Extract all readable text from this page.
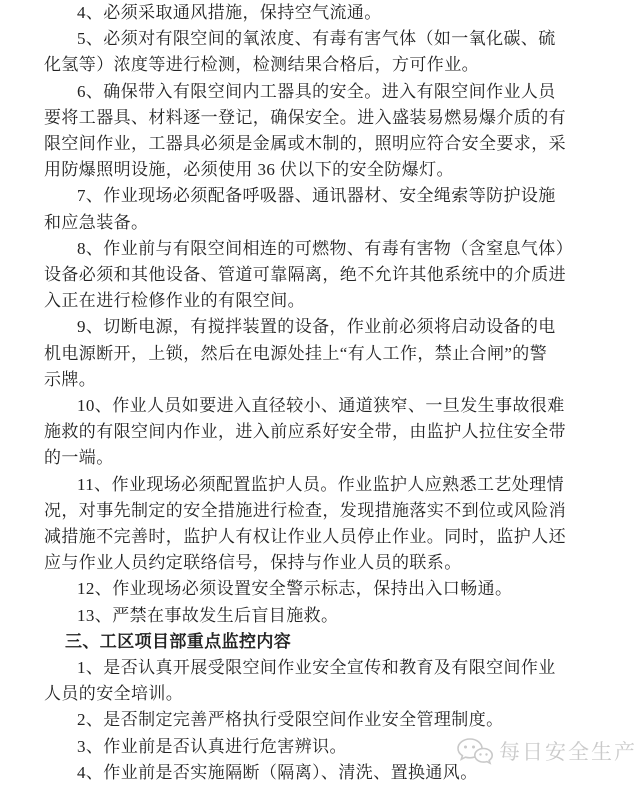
4、必须采取通风措施，保持空气流通。
5、必须对有限空间的氧浓度、有毒有害气体（如一氧化碳、硫
化氢等）浓度等进行检测，检测结果合格后，方可作业。
6、确保带入有限空间内工器具的安全。进入有限空间作业人员
要将工器具、材料逐一登记，确保安全。进入盛装易燃易爆介质的有
限空间作业，工器具必须是金属或木制的，照明应符合安全要求，采
用防爆照明设施，必须使用 36 伏以下的安全防爆灯。
7、作业现场必须配备呼吸器、通讯器材、安全绳索等防护设施
和应急装备。
8、作业前与有限空间相连的可燃物、有毒有害物（含窒息气体）
设备必须和其他设备、管道可靠隔离，绝不允许其他系统中的介质进
入正在进行检修作业的有限空间。
9、切断电源，有搅拌装置的设备，作业前必须将启动设备的电
机电源断开，上锁，然后在电源处挂上“有人工作，禁止合闸”的警
示牌。
10、作业人员如要进入直径较小、通道狭窄、一旦发生事故很难
施救的有限空间内作业，进入前应系好安全带，由监护人拉住安全带
的一端。
11、作业现场必须配置监护人员。作业监护人应熟悉工艺处理情
况，对事先制定的安全措施进行检查，发现措施落实不到位或风险消
减措施不完善时，监护人有权让作业人员停止作业。同时，监护人还
应与作业人员约定联络信号，保持与作业人员的联系。
12、作业现场必须设置安全警示标志，保持出入口畅通。
13、严禁在事故发生后盲目施救。
三、工区项目部重点监控内容
1、是否认真开展受限空间作业安全宣传和教育及有限空间作业
人员的安全培训。
2、是否制定完善严格执行受限空间作业安全管理制度。
3、作业前是否认真进行危害辨识。
4、作业前是否实施隔断（隔离）、清洗、置换通风。
每日安全生产
